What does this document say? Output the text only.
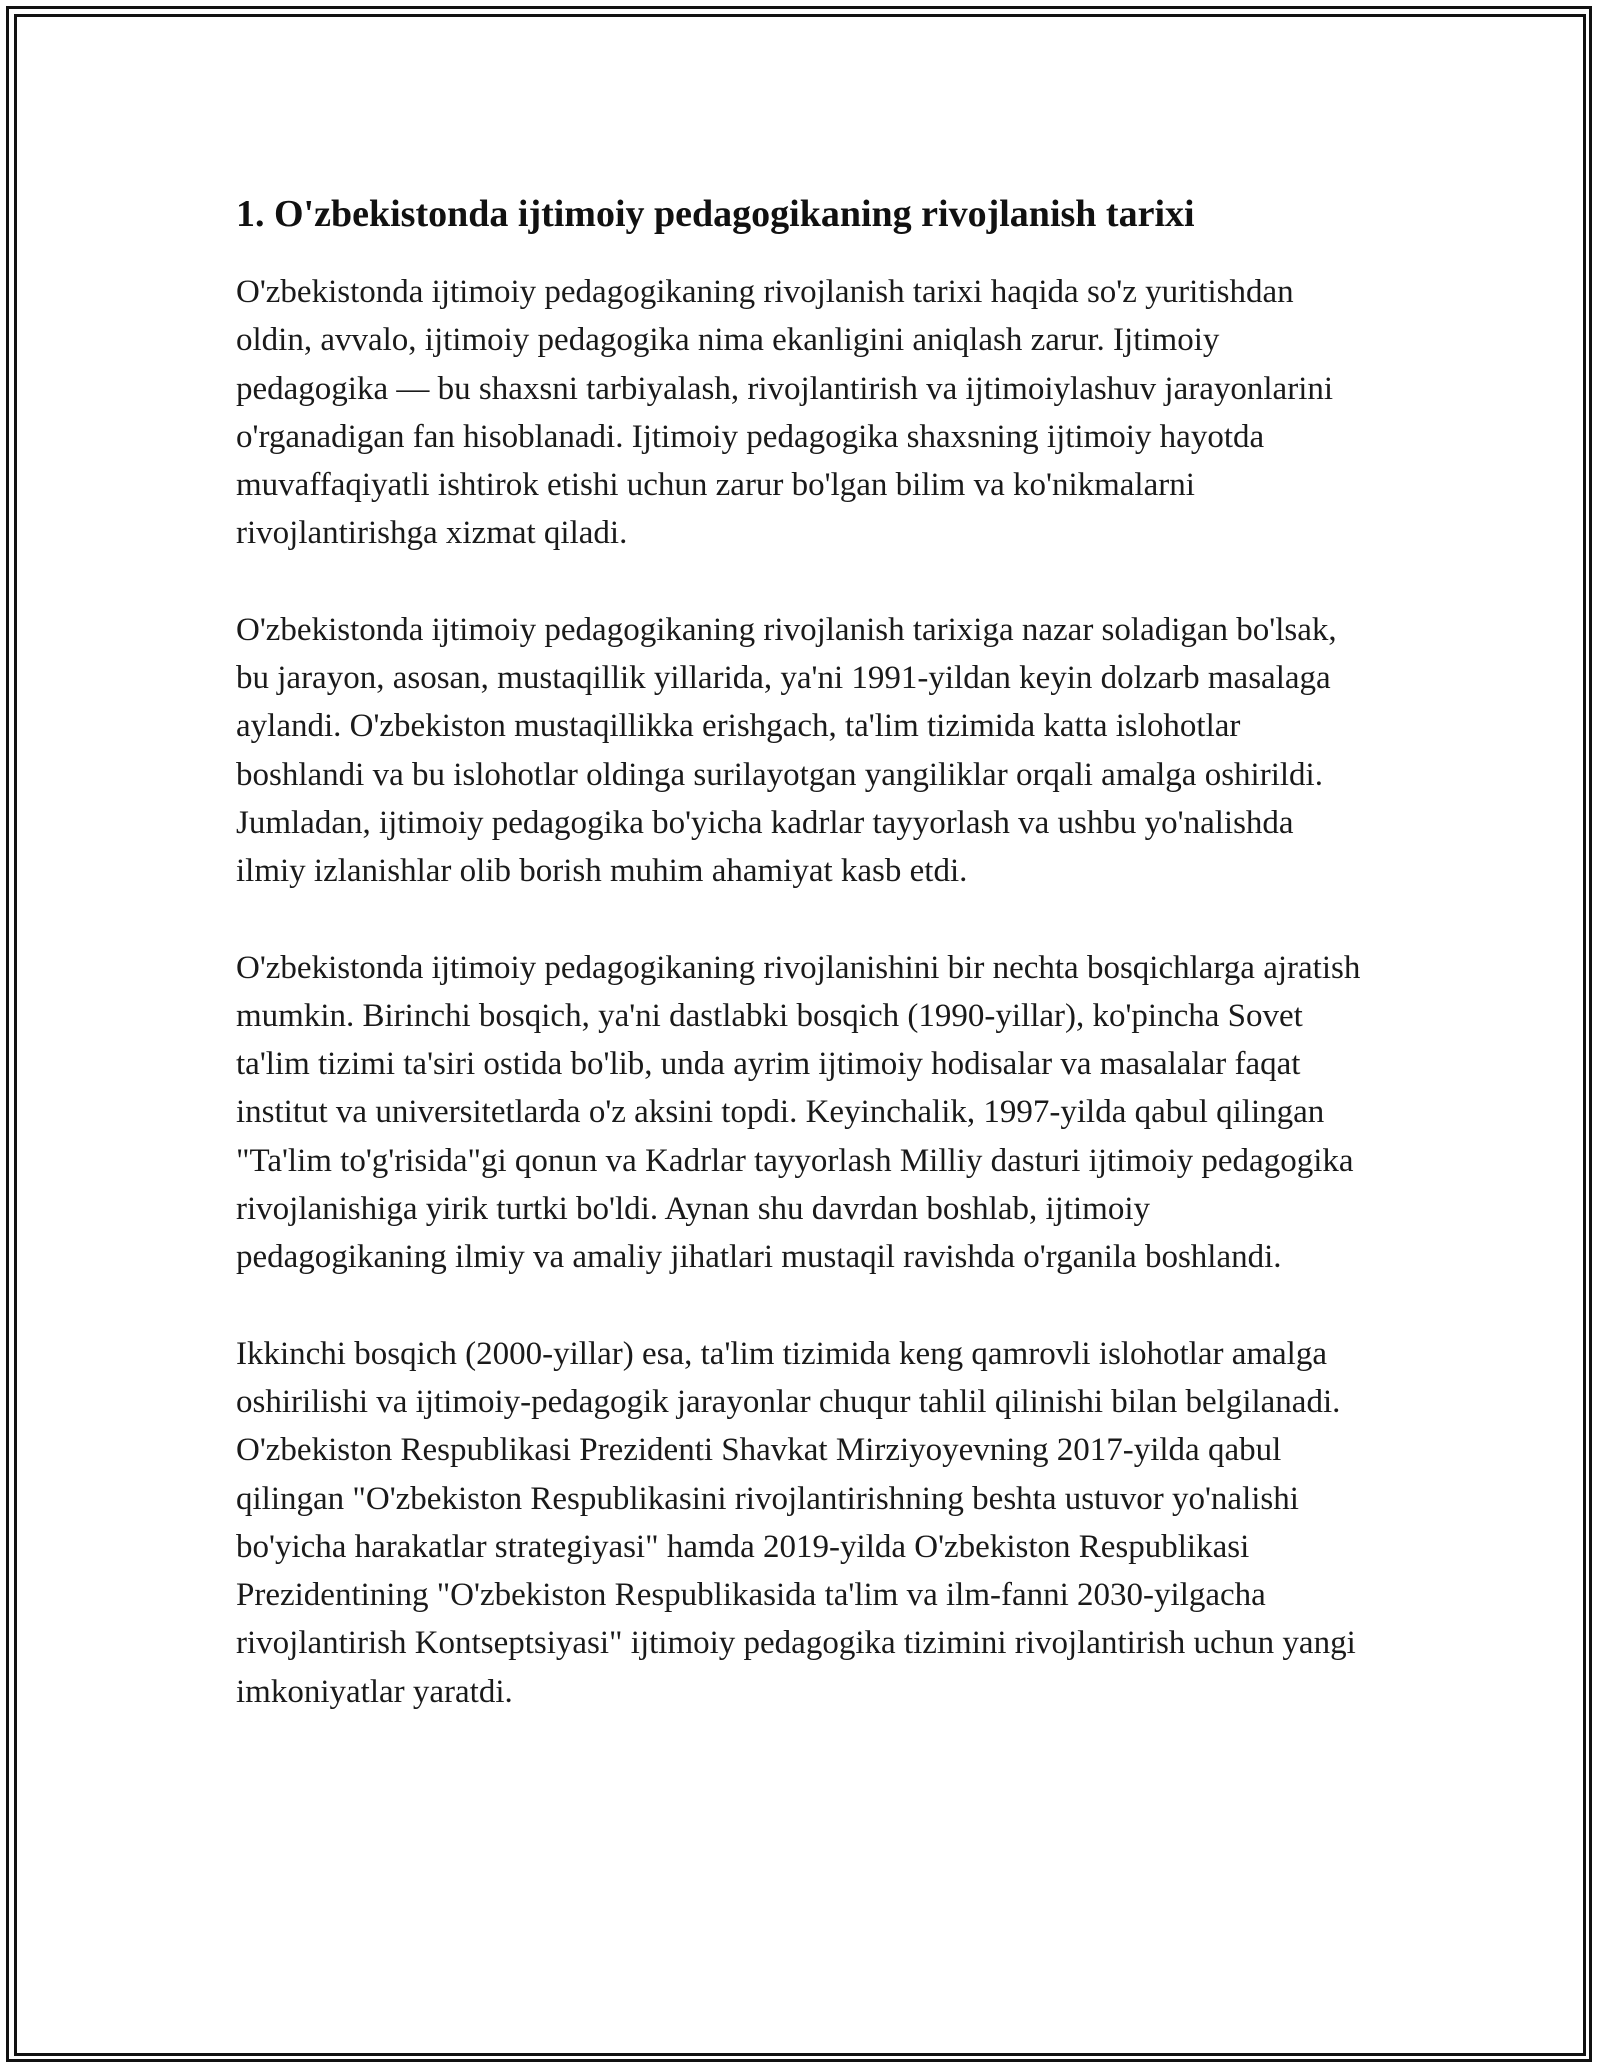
1. O'zbekistonda ijtimoiy pedagogikaning rivojlanish tarixi

O'zbekistonda ijtimoiy pedagogikaning rivojlanish tarixi haqida so'z yuritishdan oldin, avvalo, ijtimoiy pedagogika nima ekanligini aniqlash zarur. Ijtimoiy pedagogika — bu shaxsni tarbiyalash, rivojlantirish va ijtimoiylashuv jarayonlarini o'rganadigan fan hisoblanadi. Ijtimoiy pedagogika shaxsning ijtimoiy hayotda muvaffaqiyatli ishtirok etishi uchun zarur bo'lgan bilim va ko'nikmalarni rivojlantirishga xizmat qiladi.

O'zbekistonda ijtimoiy pedagogikaning rivojlanish tarixiga nazar soladigan bo'lsak, bu jarayon, asosan, mustaqillik yillarida, ya'ni 1991-yildan keyin dolzarb masalaga aylandi. O'zbekiston mustaqillikka erishgach, ta'lim tizimida katta islohotlar boshlandi va bu islohotlar oldinga surilayotgan yangiliklar orqali amalga oshirildi. Jumladan, ijtimoiy pedagogika bo'yicha kadrlar tayyorlash va ushbu yo'nalishda ilmiy izlanishlar olib borish muhim ahamiyat kasb etdi.

O'zbekistonda ijtimoiy pedagogikaning rivojlanishini bir nechta bosqichlarga ajratish mumkin. Birinchi bosqich, ya'ni dastlabki bosqich (1990-yillar), ko'pincha Sovet ta'lim tizimi ta'siri ostida bo'lib, unda ayrim ijtimoiy hodisalar va masalalar faqat institut va universitetlarda o'z aksini topdi. Keyinchalik, 1997-yilda qabul qilingan "Ta'lim to'g'risida"gi qonun va Kadrlar tayyorlash Milliy dasturi ijtimoiy pedagogika rivojlanishiga yirik turtki bo'ldi. Aynan shu davrdan boshlab, ijtimoiy pedagogikaning ilmiy va amaliy jihatlari mustaqil ravishda o'rganila boshlandi.

Ikkinchi bosqich (2000-yillar) esa, ta'lim tizimida keng qamrovli islohotlar amalga oshirilishi va ijtimoiy-pedagogik jarayonlar chuqur tahlil qilinishi bilan belgilanadi. O'zbekiston Respublikasi Prezidenti Shavkat Mirziyoyevning 2017-yilda qabul qilingan "O'zbekiston Respublikasini rivojlantirishning beshta ustuvor yo'nalishi bo'yicha harakatlar strategiyasi" hamda 2019-yilda O'zbekiston Respublikasi Prezidentining "O'zbekiston Respublikasida ta'lim va ilm-fanni 2030-yilgacha rivojlantirish Kontseptsiyasi" ijtimoiy pedagogika tizimini rivojlantirish uchun yangi imkoniyatlar yaratdi.
